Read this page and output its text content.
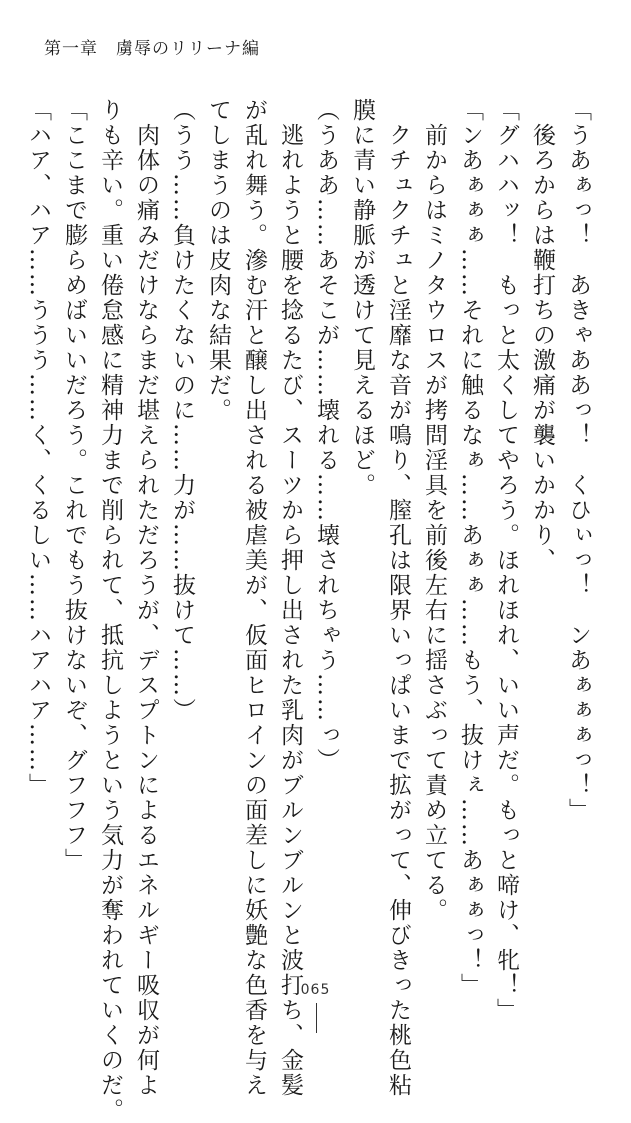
第一章　虜辱のリリーナ編

「うあぁっ！　あきゃああっ！　くひぃっ！　ンあぁぁぁっ！」

　後ろからは鞭打ちの激痛が襲いかかり、

「グハハッ！　もっと太くしてやろう。ほれほれ、いい声だ。もっと啼け、牝！」

「ンあぁぁぁ……それに触るなぁ……あぁぁ……もう、抜けぇ……あぁぁっ！」

　前からはミノタウロスが拷問淫具を前後左右に揺さぶって責め立てる。

　クチュクチュと淫靡な音が鳴り、膣孔は限界いっぱいまで拡がって、伸びきった桃色粘

膜に青い静脈が透けて見えるほど。

（うああ……あそこが……壊れる……壊されちゃう……っ）

　逃れようと腰を捻るたび、スーツから押し出された乳肉がブルンブルンと波打ち、金髪

が乱れ舞う。滲む汗と醸し出される被虐美が、仮面ヒロインの面差しに妖艶な色香を与え

てしまうのは皮肉な結果だ。

（うう……負けたくないのに……力が……抜けて……）

　肉体の痛みだけならまだ堪えられただろうが、デスプトンによるエネルギー吸収が何よ

りも辛い。重い倦怠感に精神力まで削られて、抵抗しようという気力が奪われていくのだ。

「ここまで膨らめばいいだろう。これでもう抜けないぞ、グフフフ」

「ハア、ハア……ううう……く、くるしい……ハアハア……」

065
